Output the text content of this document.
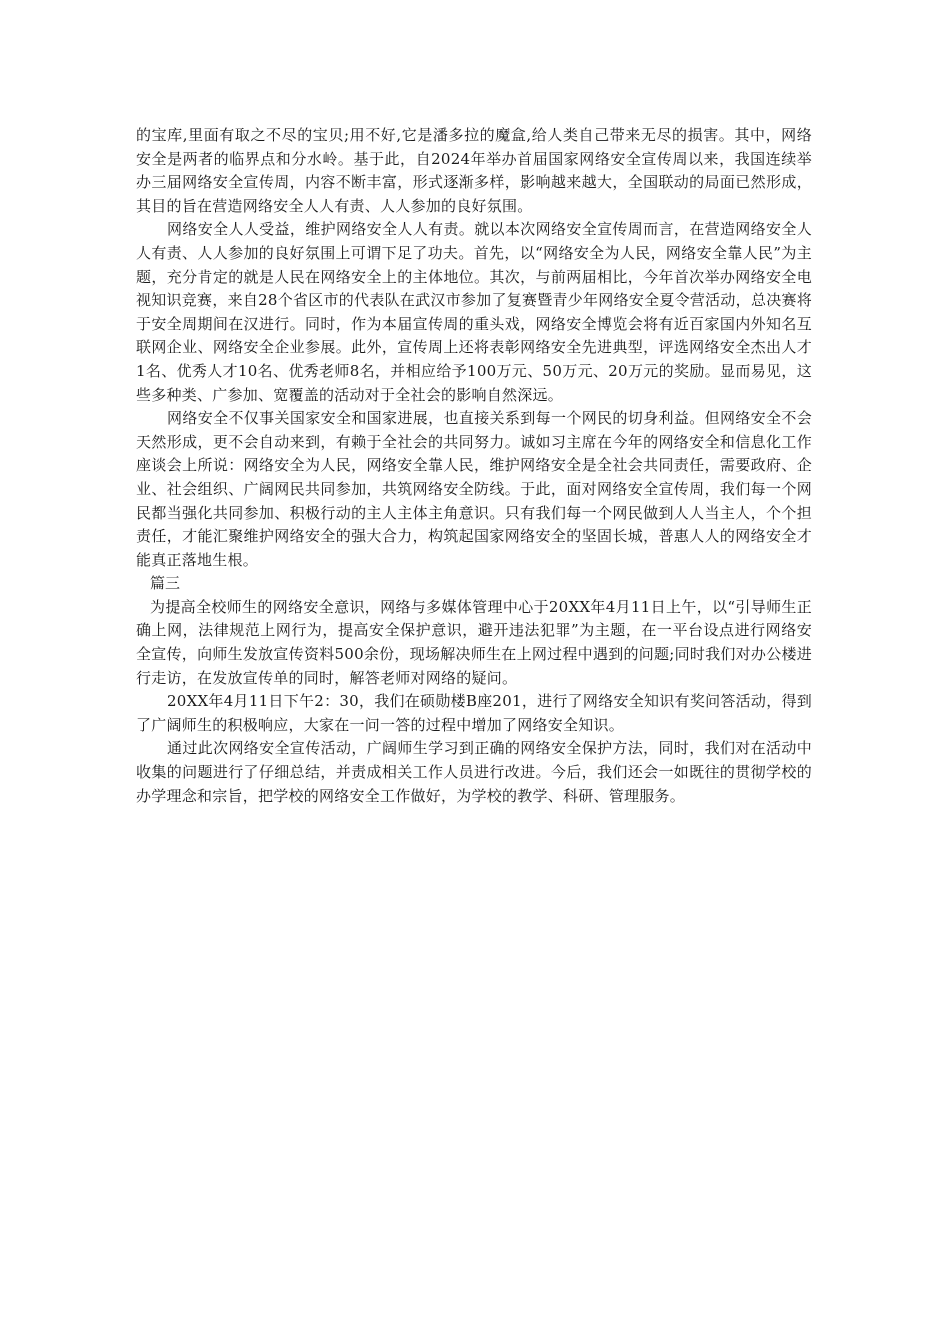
的宝库,里面有取之不尽的宝贝;用不好,它是潘多拉的魔盒,给人类自己带来无尽的损害。其中，网络安全是两者的临界点和分水岭。基于此，自2024年举办首届国家网络安全宣传周以来，我国连续举办三届网络安全宣传周，内容不断丰富，形式逐渐多样，影响越来越大，全国联动的局面已然形成，其目的旨在营造网络安全人人有责、人人参加的良好氛围。

网络安全人人受益，维护网络安全人人有责。就以本次网络安全宣传周而言，在营造网络安全人人有责、人人参加的良好氛围上可谓下足了功夫。首先，以“网络安全为人民，网络安全靠人民”为主题，充分肯定的就是人民在网络安全上的主体地位。其次，与前两届相比，今年首次举办网络安全电视知识竞赛，来自28个省区市的代表队在武汉市参加了复赛暨青少年网络安全夏令营活动，总决赛将于安全周期间在汉进行。同时，作为本届宣传周的重头戏，网络安全博览会将有近百家国内外知名互联网企业、网络安全企业参展。此外，宣传周上还将表彰网络安全先进典型，评选网络安全杰出人才1名、优秀人才10名、优秀老师8名，并相应给予100万元、50万元、20万元的奖励。显而易见，这些多种类、广参加、宽覆盖的活动对于全社会的影响自然深远。

网络安全不仅事关国家安全和国家进展，也直接关系到每一个网民的切身利益。但网络安全不会天然形成，更不会自动来到，有赖于全社会的共同努力。诚如习主席在今年的网络安全和信息化工作座谈会上所说：网络安全为人民，网络安全靠人民，维护网络安全是全社会共同责任，需要政府、企业、社会组织、广阔网民共同参加，共筑网络安全防线。于此，面对网络安全宣传周，我们每一个网民都当强化共同参加、积极行动的主人主体主角意识。只有我们每一个网民做到人人当主人，个个担责任，才能汇聚维护网络安全的强大合力，构筑起国家网络安全的坚固长城，普惠人人的网络安全才能真正落地生根。

篇三

为提高全校师生的网络安全意识，网络与多媒体管理中心于20XX年4月11日上午，以“引导师生正确上网，法律规范上网行为，提高安全保护意识，避开违法犯罪”为主题，在一平台设点进行网络安全宣传，向师生发放宣传资料500余份，现场解决师生在上网过程中遇到的问题;同时我们对办公楼进行走访，在发放宣传单的同时，解答老师对网络的疑问。

20XX年4月11日下午2：30，我们在硕勋楼B座201，进行了网络安全知识有奖问答活动，得到了广阔师生的积极响应，大家在一问一答的过程中增加了网络安全知识。

通过此次网络安全宣传活动，广阔师生学习到正确的网络安全保护方法，同时，我们对在活动中收集的问题进行了仔细总结，并责成相关工作人员进行改进。今后，我们还会一如既往的贯彻学校的办学理念和宗旨，把学校的网络安全工作做好，为学校的教学、科研、管理服务。
